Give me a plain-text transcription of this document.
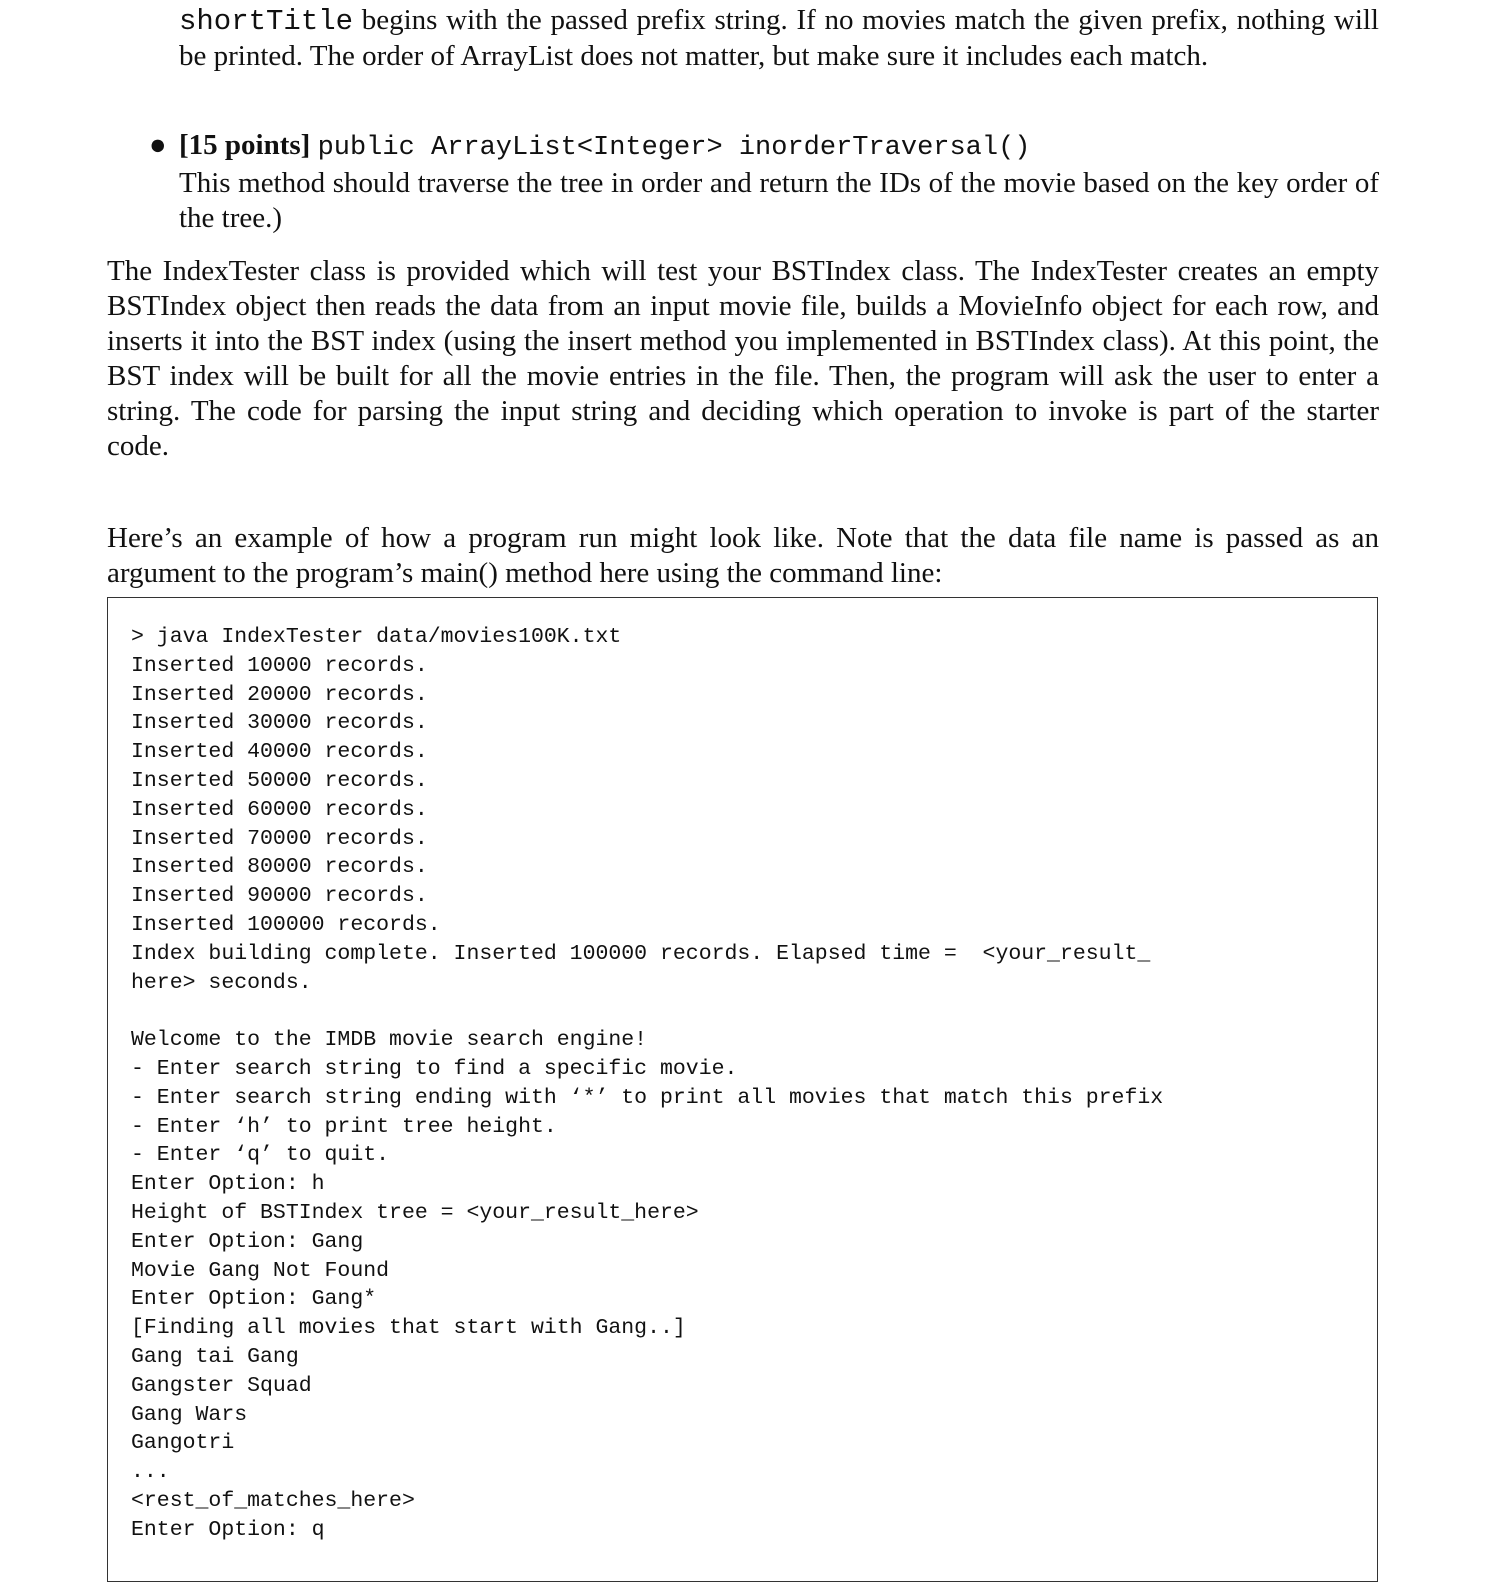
shortTitle begins with the passed prefix string. If no movies match the given prefix, nothing will be printed. The order of ArrayList does not matter, but make sure it includes each match.
● [15 points] public ArrayList<Integer> inorderTraversal()
This method should traverse the tree in order and return the IDs of the movie based on the key order of the tree.)
The IndexTester class is provided which will test your BSTIndex class. The IndexTester creates an empty BSTIndex object then reads the data from an input movie file, builds a MovieInfo object for each row, and inserts it into the BST index (using the insert method you implemented in BSTIndex class). At this point, the BST index will be built for all the movie entries in the file. Then, the program will ask the user to enter a string. The code for parsing the input string and deciding which operation to invoke is part of the starter code.
Here’s an example of how a program run might look like. Note that the data file name is passed as an argument to the program’s main() method here using the command line:
> java IndexTester data/movies100K.txt
Inserted 10000 records.
Inserted 20000 records.
Inserted 30000 records.
Inserted 40000 records.
Inserted 50000 records.
Inserted 60000 records.
Inserted 70000 records.
Inserted 80000 records.
Inserted 90000 records.
Inserted 100000 records.
Index building complete. Inserted 100000 records. Elapsed time =  <your_result_
here> seconds.
Welcome to the IMDB movie search engine!
- Enter search string to find a specific movie.
- Enter search string ending with ‘*’ to print all movies that match this prefix
- Enter ‘h’ to print tree height.
- Enter ‘q’ to quit.
Enter Option: h
Height of BSTIndex tree = <your_result_here>
Enter Option: Gang
Movie Gang Not Found
Enter Option: Gang*
[Finding all movies that start with Gang..]
Gang tai Gang
Gangster Squad
Gang Wars
Gangotri
...
<rest_of_matches_here>
Enter Option: q
